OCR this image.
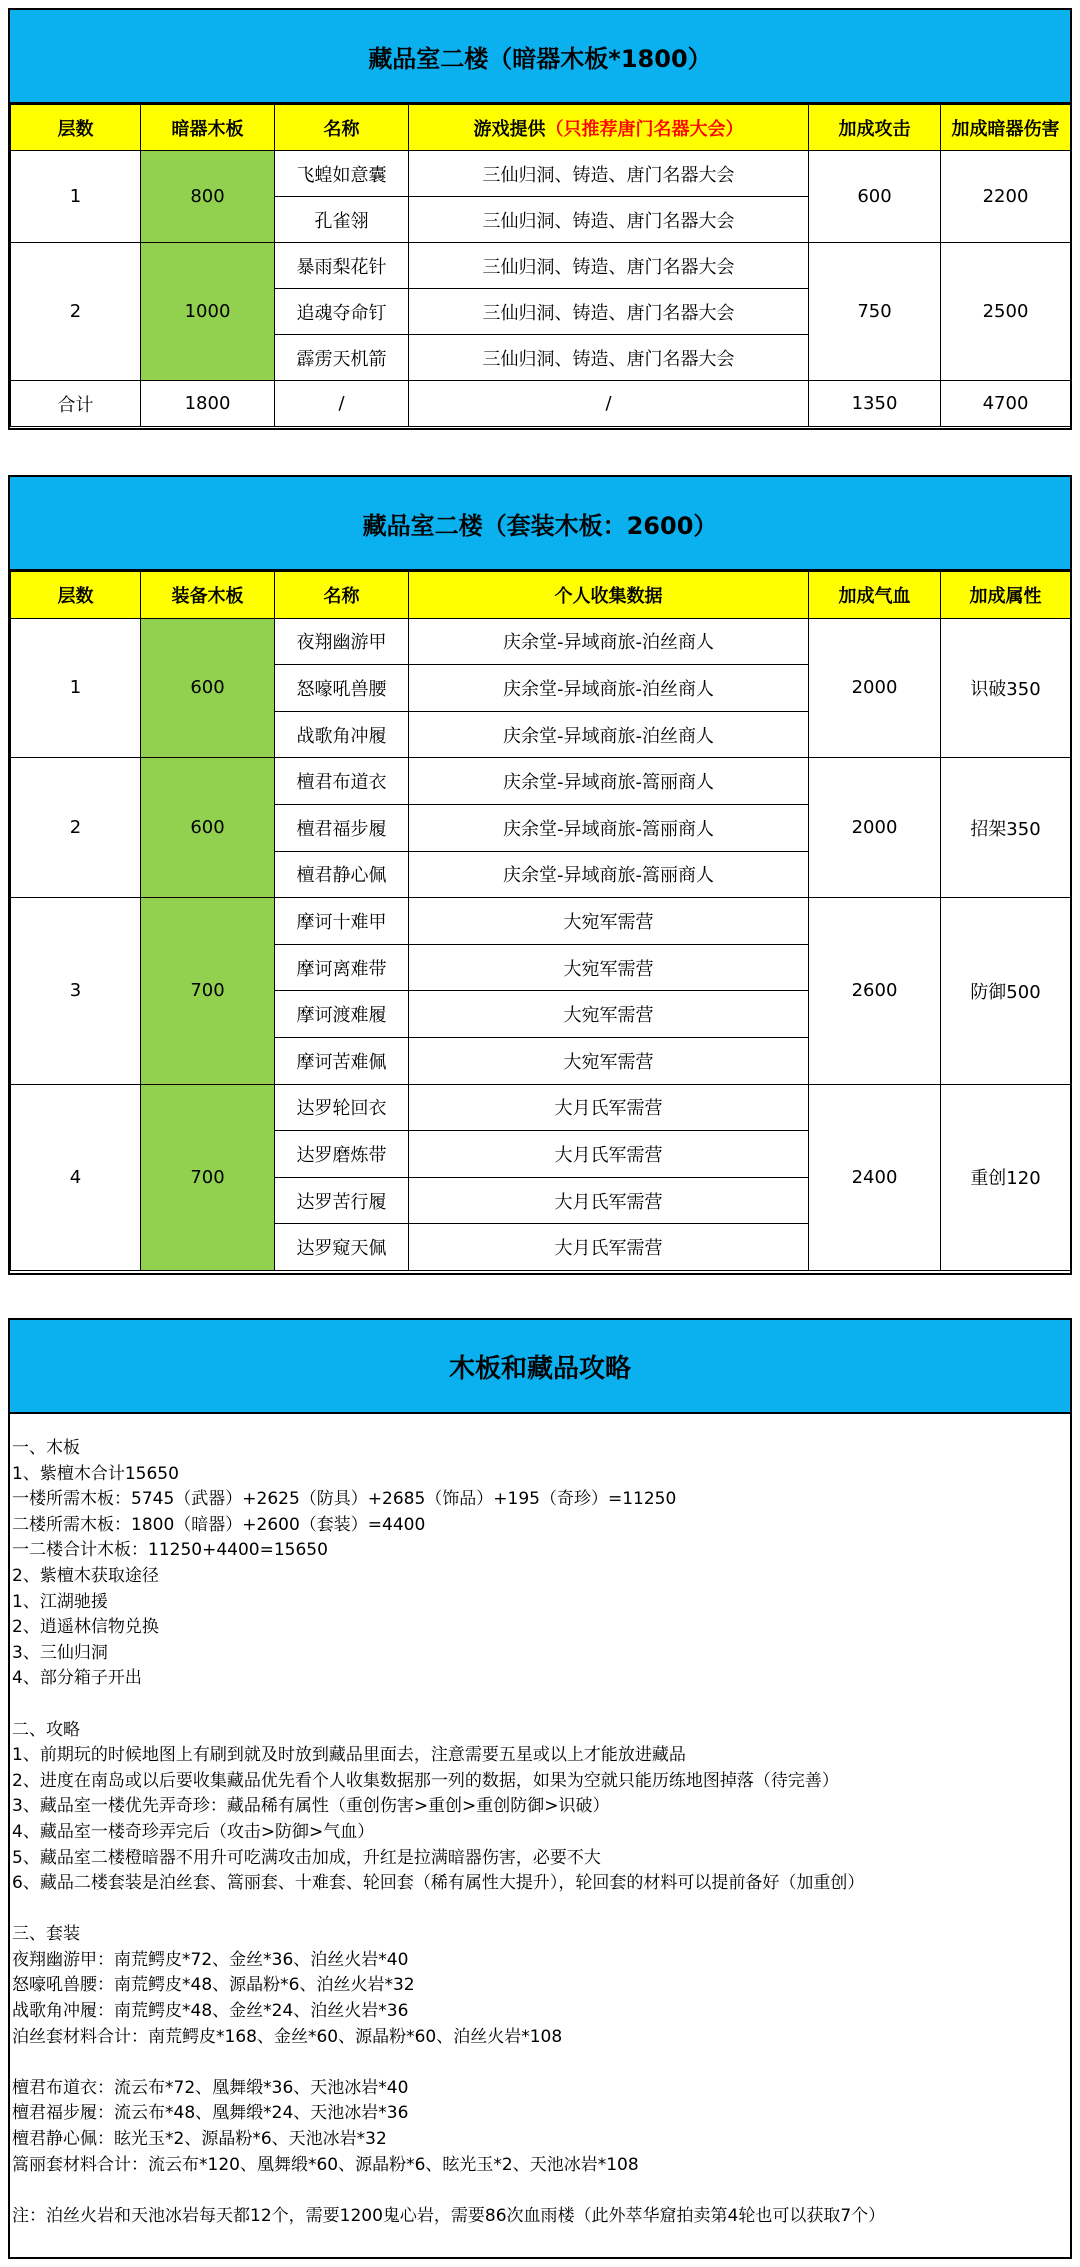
藏品室二楼（暗器木板*1800）
层数	暗器木板	名称	游戏提供（只推荐唐门名器大会）	加成攻击	加成暗器伤害
1	800	飞蝗如意囊	三仙归洞、铸造、唐门名器大会	600	2200
		孔雀翎	三仙归洞、铸造、唐门名器大会		
2	1000	暴雨梨花针	三仙归洞、铸造、唐门名器大会	750	2500
		追魂夺命钉	三仙归洞、铸造、唐门名器大会		
		霹雳天机箭	三仙归洞、铸造、唐门名器大会		
合计	1800	/	/	1350	4700
藏品室二楼（套装木板：2600）
层数	装备木板	名称	个人收集数据	加成气血	加成属性
1	600	夜翔幽游甲	庆余堂-异域商旅-泊丝商人	2000	识破350
		怒嚎吼兽腰	庆余堂-异域商旅-泊丝商人		
		战歌角冲履	庆余堂-异域商旅-泊丝商人		
2	600	檀君布道衣	庆余堂-异域商旅-篙丽商人	2000	招架350
		檀君福步履	庆余堂-异域商旅-篙丽商人		
		檀君静心佩	庆余堂-异域商旅-篙丽商人		
3	700	摩诃十难甲	大宛军需营	2600	防御500
		摩诃离难带	大宛军需营		
		摩诃渡难履	大宛军需营		
		摩诃苦难佩	大宛军需营		
4	700	达罗轮回衣	大月氏军需营	2400	重创120
		达罗磨炼带	大月氏军需营		
		达罗苦行履	大月氏军需营		
		达罗窥天佩	大月氏军需营		
木板和藏品攻略
一、木板
1、紫檀木合计15650
一楼所需木板：5745（武器）+2625（防具）+2685（饰品）+195（奇珍）=11250
二楼所需木板：1800（暗器）+2600（套装）=4400
一二楼合计木板：11250+4400=15650
2、紫檀木获取途径
1、江湖驰援
2、逍遥林信物兑换
3、三仙归洞
4、部分箱子开出

二、攻略
1、前期玩的时候地图上有刷到就及时放到藏品里面去，注意需要五星或以上才能放进藏品
2、进度在南岛或以后要收集藏品优先看个人收集数据那一列的数据，如果为空就只能历练地图掉落（待完善）
3、藏品室一楼优先弄奇珍：藏品稀有属性（重创伤害>重创>重创防御>识破）
4、藏品室一楼奇珍弄完后（攻击>防御>气血）
5、藏品室二楼橙暗器不用升可吃满攻击加成，升红是拉满暗器伤害，必要不大
6、藏品二楼套装是泊丝套、篙丽套、十难套、轮回套（稀有属性大提升），轮回套的材料可以提前备好（加重创）

三、套装
夜翔幽游甲：南荒鳄皮*72、金丝*36、泊丝火岩*40
怒嚎吼兽腰：南荒鳄皮*48、源晶粉*6、泊丝火岩*32
战歌角冲履：南荒鳄皮*48、金丝*24、泊丝火岩*36
泊丝套材料合计：南荒鳄皮*168、金丝*60、源晶粉*60、泊丝火岩*108

檀君布道衣：流云布*72、凰舞缎*36、天池冰岩*40
檀君福步履：流云布*48、凰舞缎*24、天池冰岩*36
檀君静心佩：眩光玉*2、源晶粉*6、天池冰岩*32
篙丽套材料合计：流云布*120、凰舞缎*60、源晶粉*6、眩光玉*2、天池冰岩*108

注：泊丝火岩和天池冰岩每天都12个，需要1200鬼心岩，需要86次血雨楼（此外萃华窟拍卖第4轮也可以获取7个）
